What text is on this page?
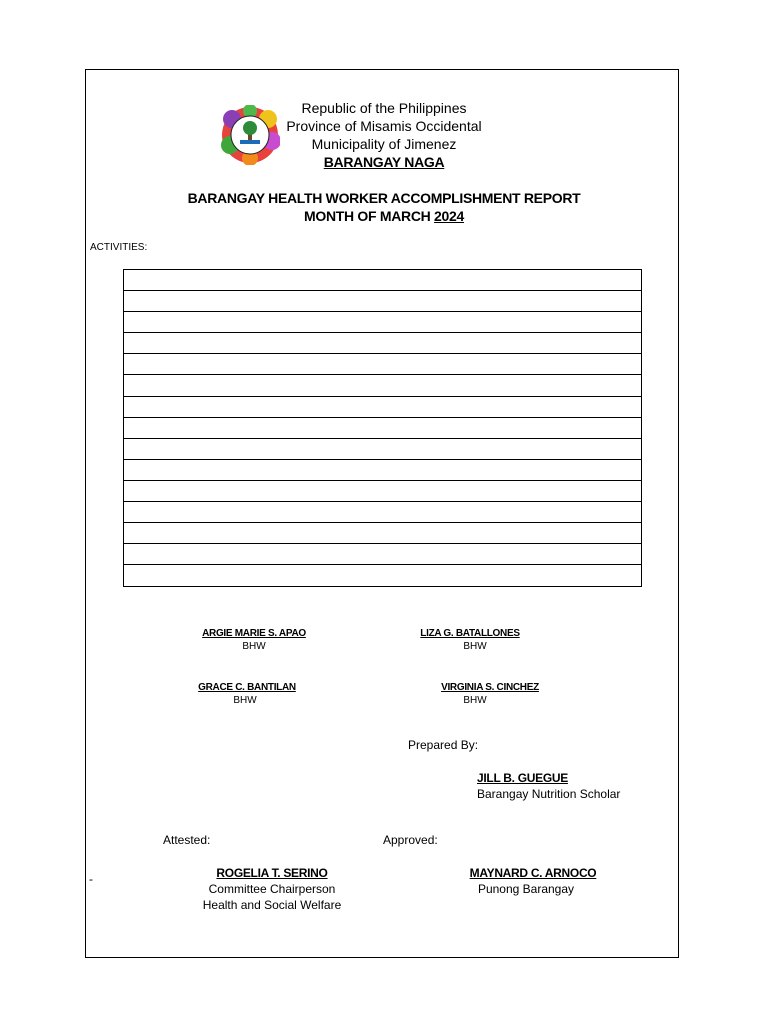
Republic of the Philippines
Province of Misamis Occidental
Municipality of Jimenez
BARANGAY NAGA
BARANGAY HEALTH WORKER ACCOMPLISHMENT REPORT
MONTH OF MARCH 2024
ACTIVITIES:
ARGIE MARIE S. APAO
BHW
LIZA G. BATALLONES
BHW
GRACE C. BANTILAN
BHW
VIRGINIA S. CINCHEZ
BHW
Prepared By:
JILL B. GUEGUE
Barangay Nutrition Scholar
Attested:	Approved:
-	ROGELIA T. SERINO
Committee Chairperson
Health and Social Welfare
MAYNARD C. ARNOCO
Punong Barangay
